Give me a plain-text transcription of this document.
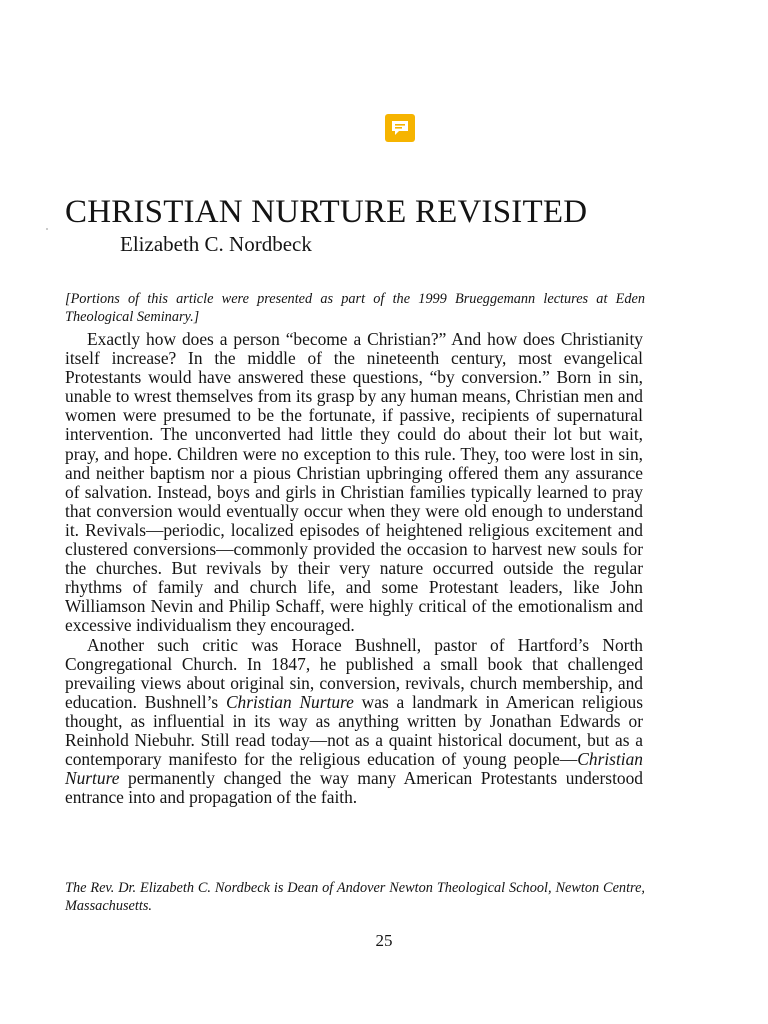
CHRISTIAN NURTURE REVISITED
Elizabeth C. Nordbeck

[Portions of this article were presented as part of the 1999 Brueggemann lectures at Eden Theological Seminary.]

Exactly how does a person “become a Christian?” And how does Christianity itself increase? In the middle of the nineteenth century, most evangelical Protestants would have answered these questions, “by conversion.” Born in sin, unable to wrest themselves from its grasp by any human means, Christian men and women were presumed to be the fortunate, if passive, recipients of supernatural intervention. The unconverted had little they could do about their lot but wait, pray, and hope. Children were no exception to this rule. They, too were lost in sin, and neither baptism nor a pious Christian upbringing offered them any assurance of salvation. Instead, boys and girls in Christian families typically learned to pray that conversion would eventually occur when they were old enough to understand it. Revivals—periodic, localized episodes of heightened religious excitement and clustered conversions—commonly provided the occasion to harvest new souls for the churches. But revivals by their very nature occurred outside the regular rhythms of family and church life, and some Protestant leaders, like John Williamson Nevin and Philip Schaff, were highly critical of the emotionalism and excessive individualism they encouraged.

Another such critic was Horace Bushnell, pastor of Hartford’s North Congregational Church. In 1847, he published a small book that challenged prevailing views about original sin, conversion, revivals, church membership, and education. Bushnell’s Christian Nurture was a landmark in American religious thought, as influential in its way as anything written by Jonathan Edwards or Reinhold Niebuhr. Still read today—not as a quaint historical document, but as a contemporary manifesto for the religious education of young people—Christian Nurture permanently changed the way many American Protestants understood entrance into and propagation of the faith.

The Rev. Dr. Elizabeth C. Nordbeck is Dean of Andover Newton Theological School, Newton Centre, Massachusetts.

25
